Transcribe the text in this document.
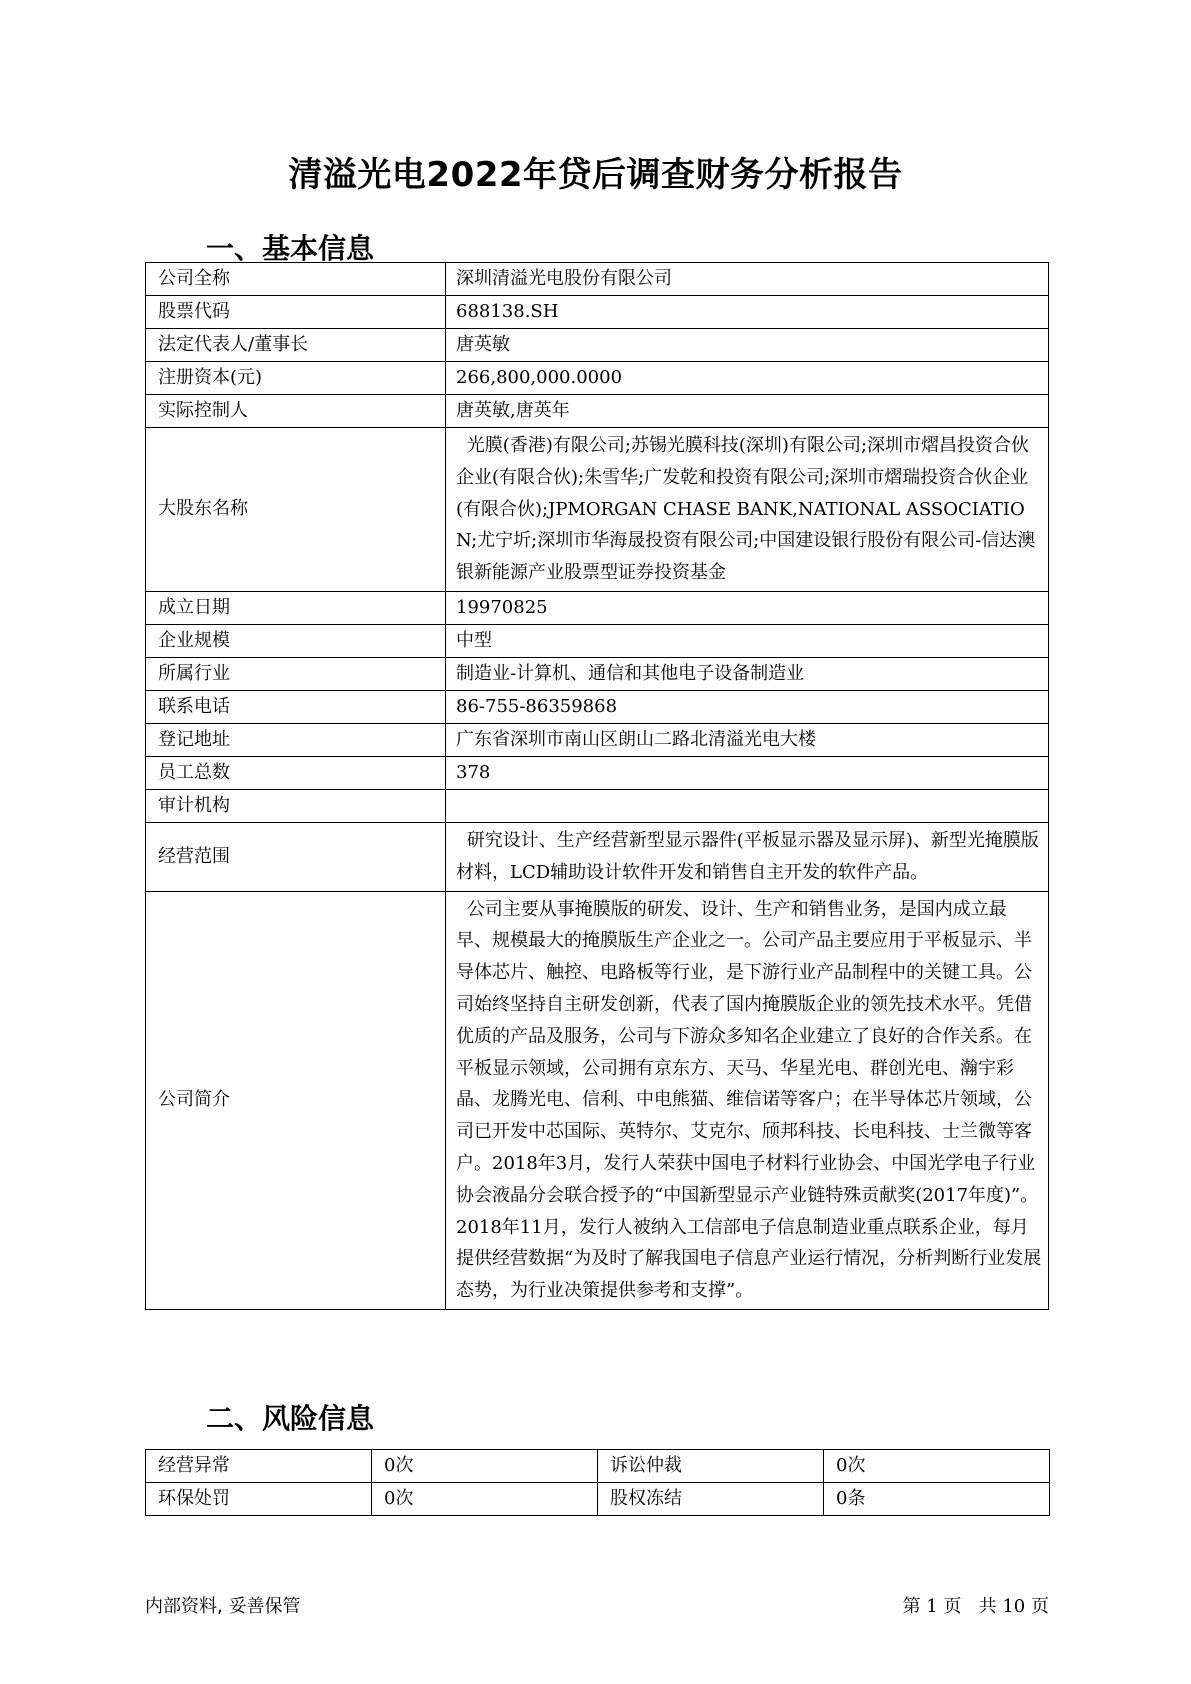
清溢光电2022年贷后调查财务分析报告
一、基本信息
公司全称	深圳清溢光电股份有限公司
股票代码	688138.SH
法定代表人/董事长	唐英敏
注册资本(元)	266,800,000.0000
实际控制人	唐英敏,唐英年
大股东名称	光膜(香港)有限公司;苏锡光膜科技(深圳)有限公司;深圳市熠昌投资合伙企业(有限合伙);朱雪华;广发乾和投资有限公司;深圳市熠瑞投资合伙企业(有限合伙);JPMORGAN CHASE BANK,NATIONAL ASSOCIATION;尤宁圻;深圳市华海晟投资有限公司;中国建设银行股份有限公司-信达澳银新能源产业股票型证券投资基金
成立日期	19970825
企业规模	中型
所属行业	制造业-计算机、通信和其他电子设备制造业
联系电话	86-755-86359868
登记地址	广东省深圳市南山区朗山二路北清溢光电大楼
员工总数	378
审计机构	
经营范围	研究设计、生产经营新型显示器件(平板显示器及显示屏)、新型光掩膜版材料，LCD辅助设计软件开发和销售自主开发的软件产品。
公司简介	公司主要从事掩膜版的研发、设计、生产和销售业务，是国内成立最早、规模最大的掩膜版生产企业之一。公司产品主要应用于平板显示、半导体芯片、触控、电路板等行业，是下游行业产品制程中的关键工具。公司始终坚持自主研发创新，代表了国内掩膜版企业的领先技术水平。凭借优质的产品及服务，公司与下游众多知名企业建立了良好的合作关系。在平板显示领域，公司拥有京东方、天马、华星光电、群创光电、瀚宇彩晶、龙腾光电、信利、中电熊猫、维信诺等客户；在半导体芯片领域，公司已开发中芯国际、英特尔、艾克尔、颀邦科技、长电科技、士兰微等客户。2018年3月，发行人荣获中国电子材料行业协会、中国光学电子行业协会液晶分会联合授予的“中国新型显示产业链特殊贡献奖(2017年度)”。2018年11月，发行人被纳入工信部电子信息制造业重点联系企业，每月提供经营数据“为及时了解我国电子信息产业运行情况，分析判断行业发展态势，为行业决策提供参考和支撑”。
二、风险信息
经营异常	0次	诉讼仲裁	0次
环保处罚	0次	股权冻结	0条
内部资料, 妥善保管	第 1 页   共 10 页
